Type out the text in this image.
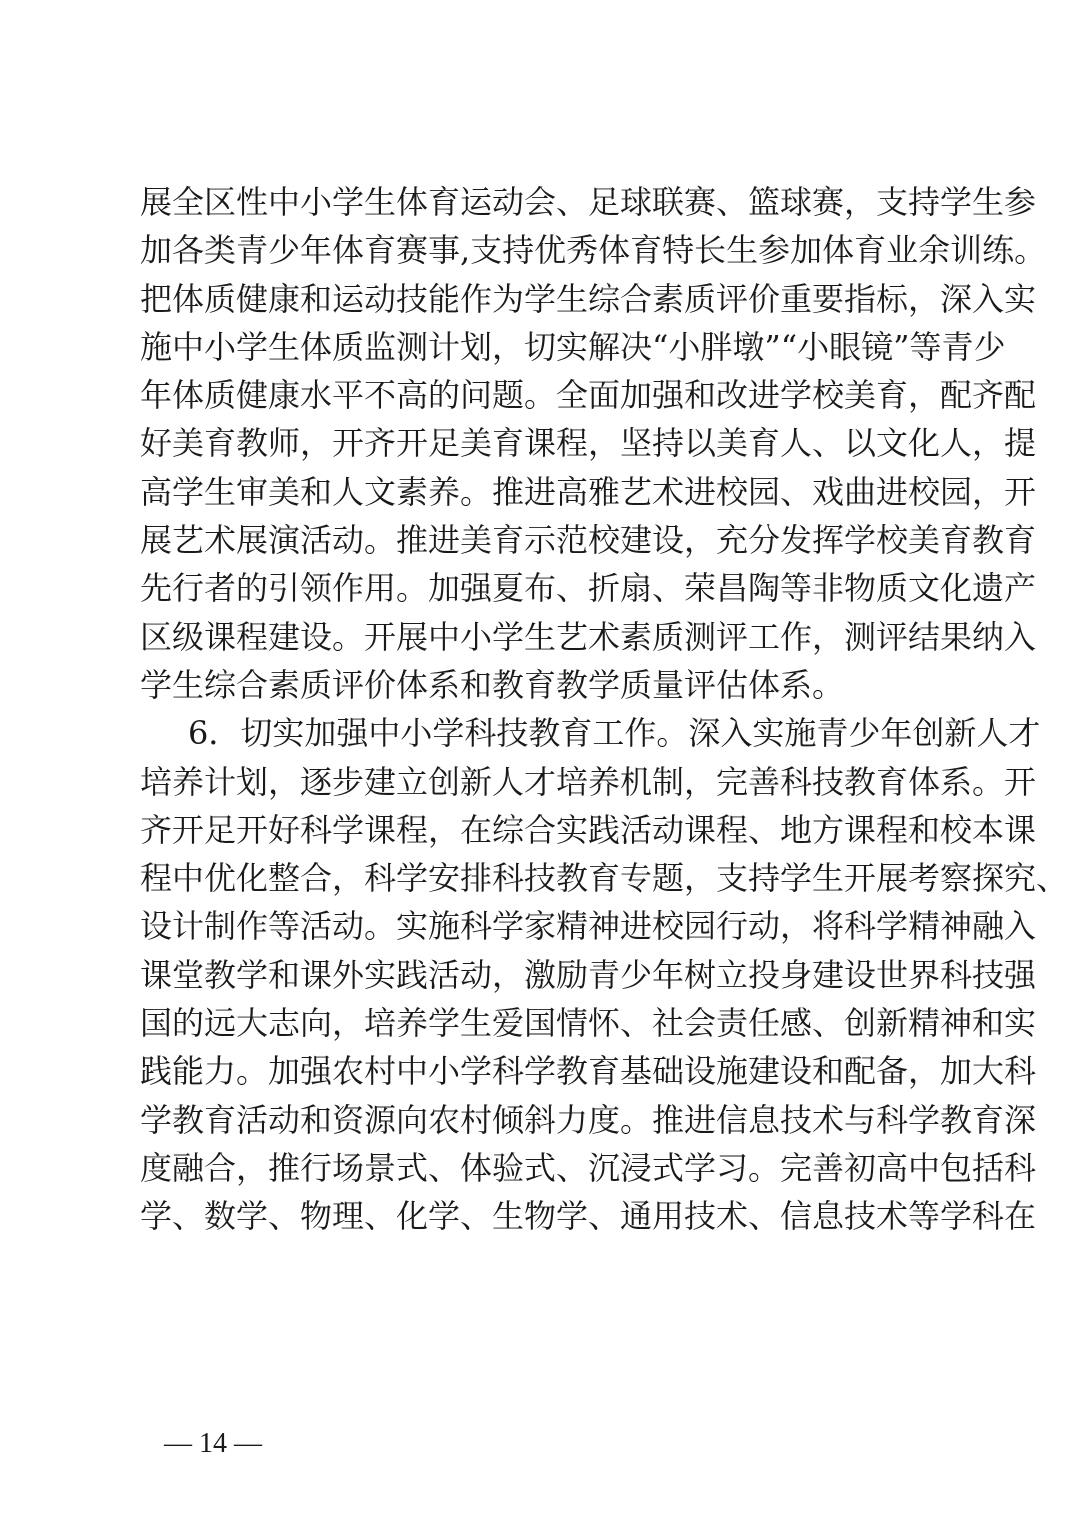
展全区性中小学生体育运动会、足球联赛、篮球赛，支持学生参
加各类青少年体育赛事,支持优秀体育特长生参加体育业余训练。
把体质健康和运动技能作为学生综合素质评价重要指标，深入实
施中小学生体质监测计划，切实解决“小胖墩”“小眼镜”等青少
年体质健康水平不高的问题。全面加强和改进学校美育，配齐配
好美育教师，开齐开足美育课程，坚持以美育人、以文化人，提
高学生审美和人文素养。推进高雅艺术进校园、戏曲进校园，开
展艺术展演活动。推进美育示范校建设，充分发挥学校美育教育
先行者的引领作用。加强夏布、折扇、荣昌陶等非物质文化遗产
区级课程建设。开展中小学生艺术素质测评工作，测评结果纳入
学生综合素质评价体系和教育教学质量评估体系。
6．切实加强中小学科技教育工作。深入实施青少年创新人才
培养计划，逐步建立创新人才培养机制，完善科技教育体系。开
齐开足开好科学课程，在综合实践活动课程、地方课程和校本课
程中优化整合，科学安排科技教育专题，支持学生开展考察探究、
设计制作等活动。实施科学家精神进校园行动，将科学精神融入
课堂教学和课外实践活动，激励青少年树立投身建设世界科技强
国的远大志向，培养学生爱国情怀、社会责任感、创新精神和实
践能力。加强农村中小学科学教育基础设施建设和配备，加大科
学教育活动和资源向农村倾斜力度。推进信息技术与科学教育深
度融合，推行场景式、体验式、沉浸式学习。完善初高中包括科
学、数学、物理、化学、生物学、通用技术、信息技术等学科在
— 14 —
